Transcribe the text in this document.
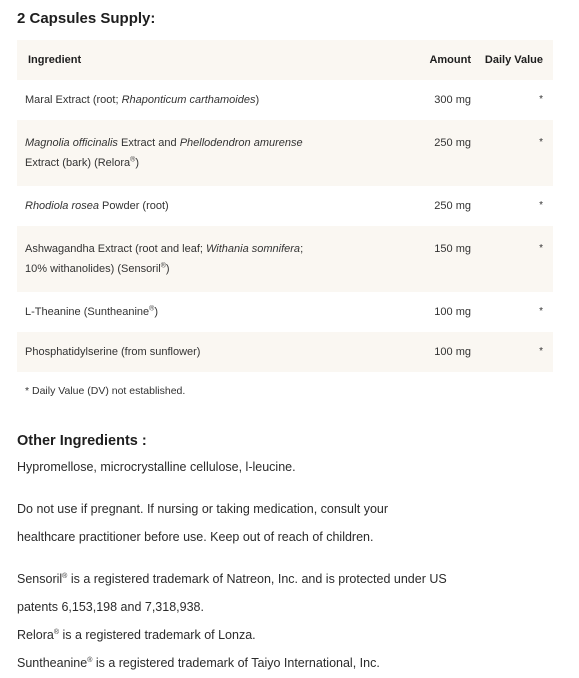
2 Capsules Supply:
Ingredient	Amount	Daily Value
Maral Extract (root; Rhaponticum carthamoides)	300 mg	*
Magnolia officinalis Extract and Phellodendron amurense
Extract (bark) (Relora®)
250 mg	*
Rhodiola rosea Powder (root)	250 mg	*
Ashwagandha Extract (root and leaf; Withania somnifera;
10% withanolides) (Sensoril®)
150 mg	*
L-Theanine (Suntheanine®)	100 mg	*
Phosphatidylserine (from sunflower)	100 mg	*
* Daily Value (DV) not established.
Other Ingredients :

Hypromellose, microcrystalline cellulose, l-leucine.

Do not use if pregnant. If nursing or taking medication, consult your

healthcare practitioner before use. Keep out of reach of children.

Sensoril® is a registered trademark of Natreon, Inc. and is protected under US

patents 6,153,198 and 7,318,938.

Relora® is a registered trademark of Lonza.

Suntheanine® is a registered trademark of Taiyo International, Inc.
